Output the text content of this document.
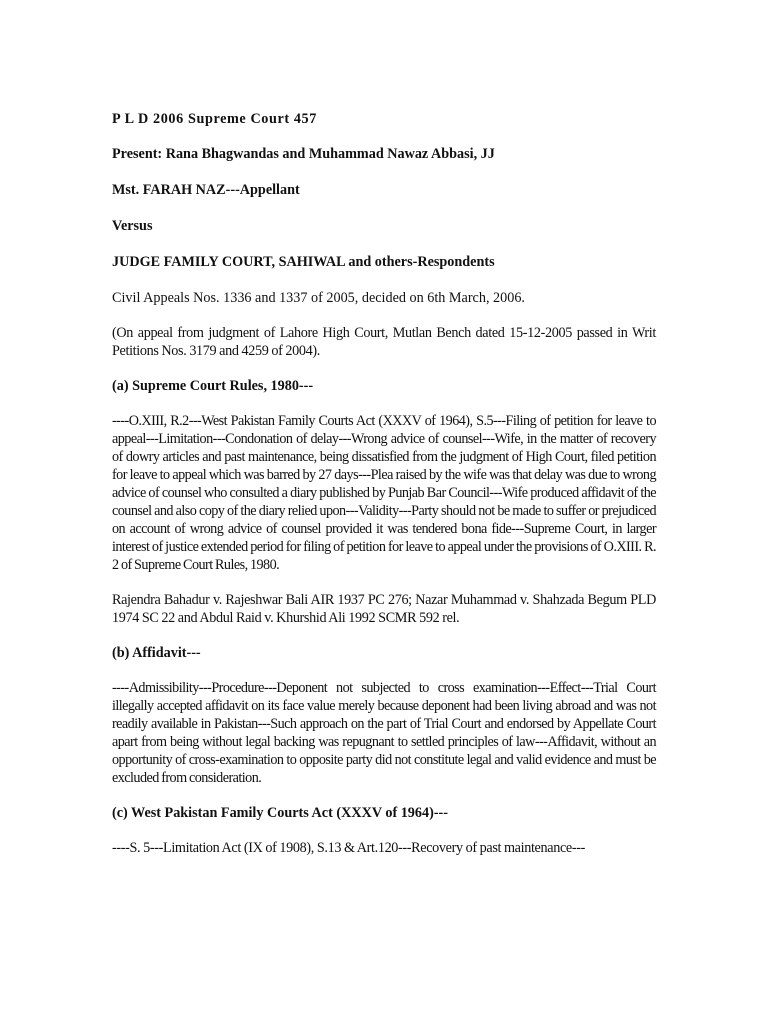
P L D 2006 Supreme Court 457

Present: Rana Bhagwandas and Muhammad Nawaz Abbasi, JJ

Mst. FARAH NAZ---Appellant

Versus

JUDGE FAMILY COURT, SAHIWAL and others-Respondents

Civil Appeals Nos. 1336 and 1337 of 2005, decided on 6th March, 2006.

(On appeal from judgment of Lahore High Court, Mutlan Bench dated 15-12-2005 passed in Writ Petitions Nos. 3179 and 4259 of 2004).

(a) Supreme Court Rules, 1980---

----O.XIII, R.2---West Pakistan Family Courts Act (XXXV of 1964), S.5---Filing of petition for leave to appeal---Limitation---Condonation of delay---Wrong advice of counsel---Wife, in the matter of recovery of dowry articles and past maintenance, being dissatisfied from the judgment of High Court, filed petition for leave to appeal which was barred by 27 days---Plea raised by the wife was that delay was due to wrong advice of counsel who consulted a diary published by Punjab Bar Council---Wife produced affidavit of the counsel and also copy of the diary relied upon---Validity---Party should not be made to suffer or prejudiced on account of wrong advice of counsel provided it was tendered bona fide---Supreme Court, in larger interest of justice extended period for filing of petition for leave to appeal under the provisions of O.XIII. R. 2 of Supreme Court Rules, 1980.

Rajendra Bahadur v. Rajeshwar Bali AIR 1937 PC 276; Nazar Muhammad v. Shahzada Begum PLD 1974 SC 22 and Abdul Raid v. Khurshid Ali 1992 SCMR 592 rel.

(b) Affidavit---

----Admissibility---Procedure---Deponent not subjected to cross examination---Effect---Trial Court illegally accepted affidavit on its face value merely because deponent had been living abroad and was not readily available in Pakistan---Such approach on the part of Trial Court and endorsed by Appellate Court apart from being without legal backing was repugnant to settled principles of law---Affidavit, without an opportunity of cross-examination to opposite party did not constitute legal and valid evidence and must be excluded from consideration.

(c) West Pakistan Family Courts Act (XXXV of 1964)---

----S. 5---Limitation Act (IX of 1908), S.13 & Art.120---Recovery of past maintenance---
